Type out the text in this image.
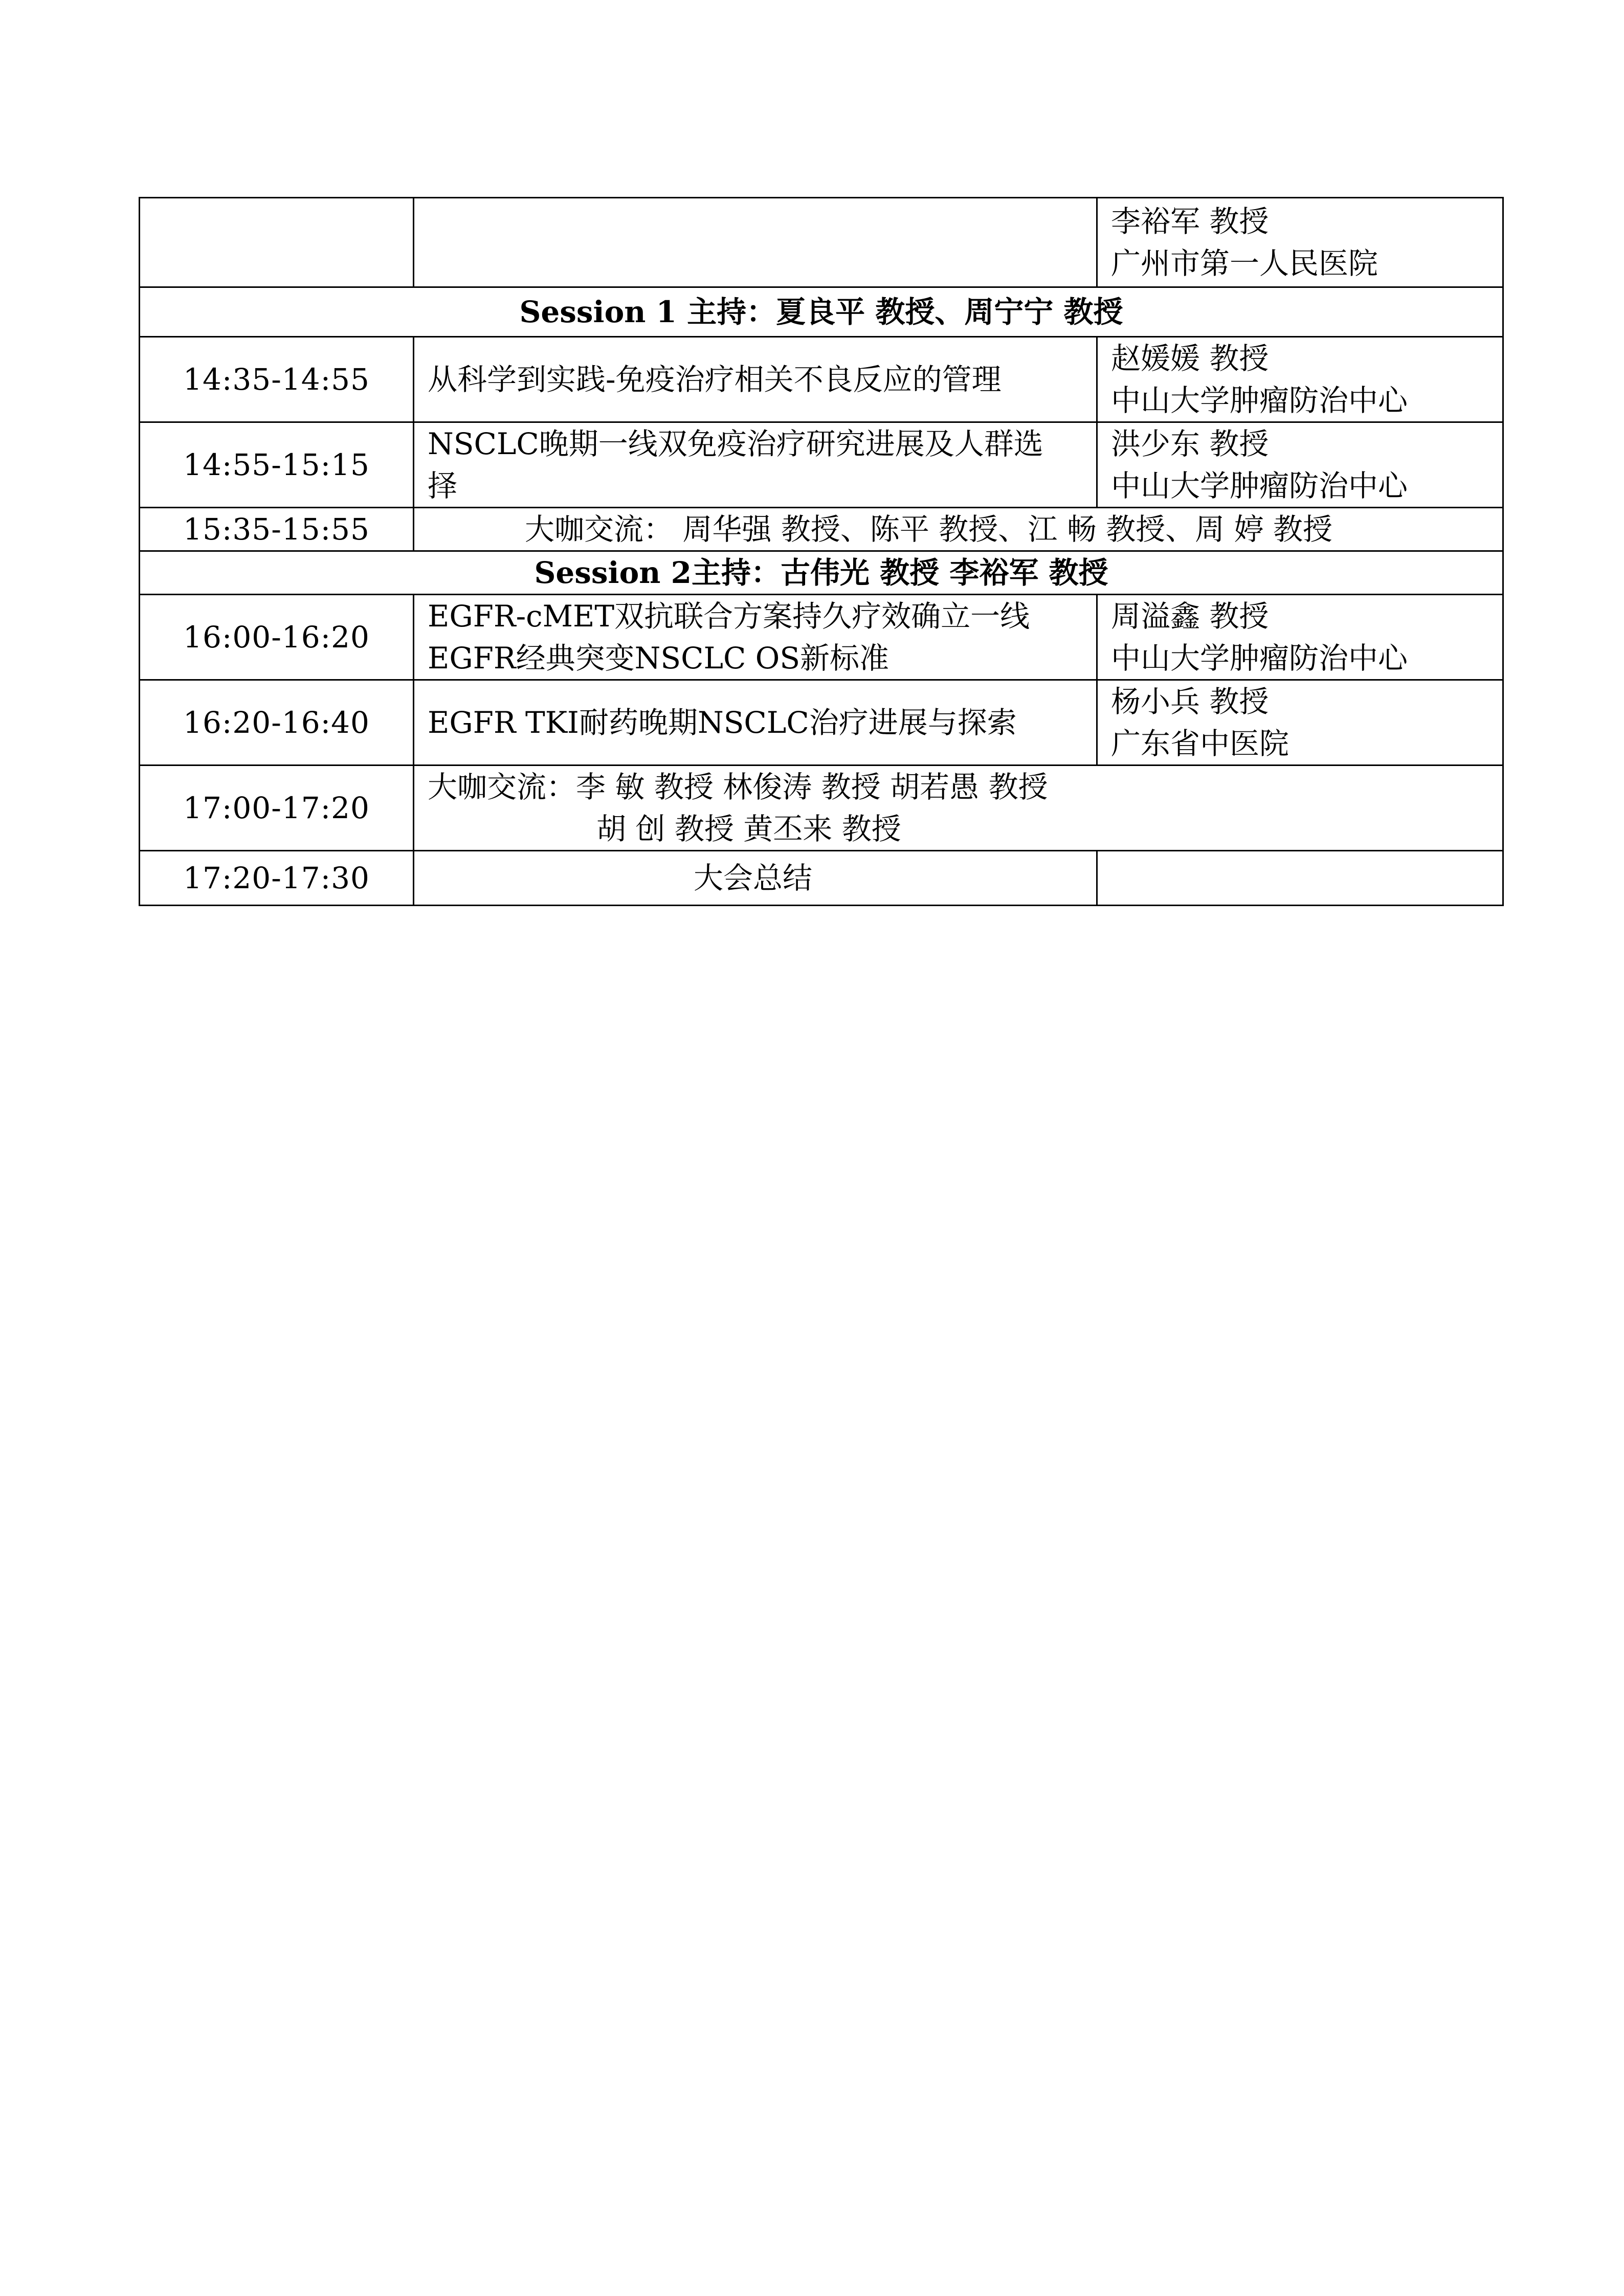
		李裕军 教授
广州市第一人民医院

Session 1 主持：夏良平 教授、周宁宁 教授		
14:35-14:55	从科学到实践-免疫治疗相关不良反应的管理	赵媛媛 教授
中山大学肿瘤防治中心

14:55-15:15	NSCLC晚期一线双免疫治疗研究进展及人群选
择	洪少东 教授
中山大学肿瘤防治中心

15:35-15:55	大咖交流： 周华强 教授、陈平 教授、江 畅 教授、周 婷 教授	

Session 2主持：古伟光 教授 李裕军 教授		
16:00-16:20	EGFR-cMET双抗联合方案持久疗效确立一线
EGFR经典突变NSCLC OS新标准	周溢鑫 教授
中山大学肿瘤防治中心

16:20-16:40	EGFR TKI耐药晚期NSCLC治疗进展与探索	杨小兵 教授
广东省中医院

17:00-17:20	大咖交流：李 敏 教授 林俊涛 教授 胡若愚 教授
胡 创 教授 黄丕来 教授	

17:20-17:30	大会总结	
